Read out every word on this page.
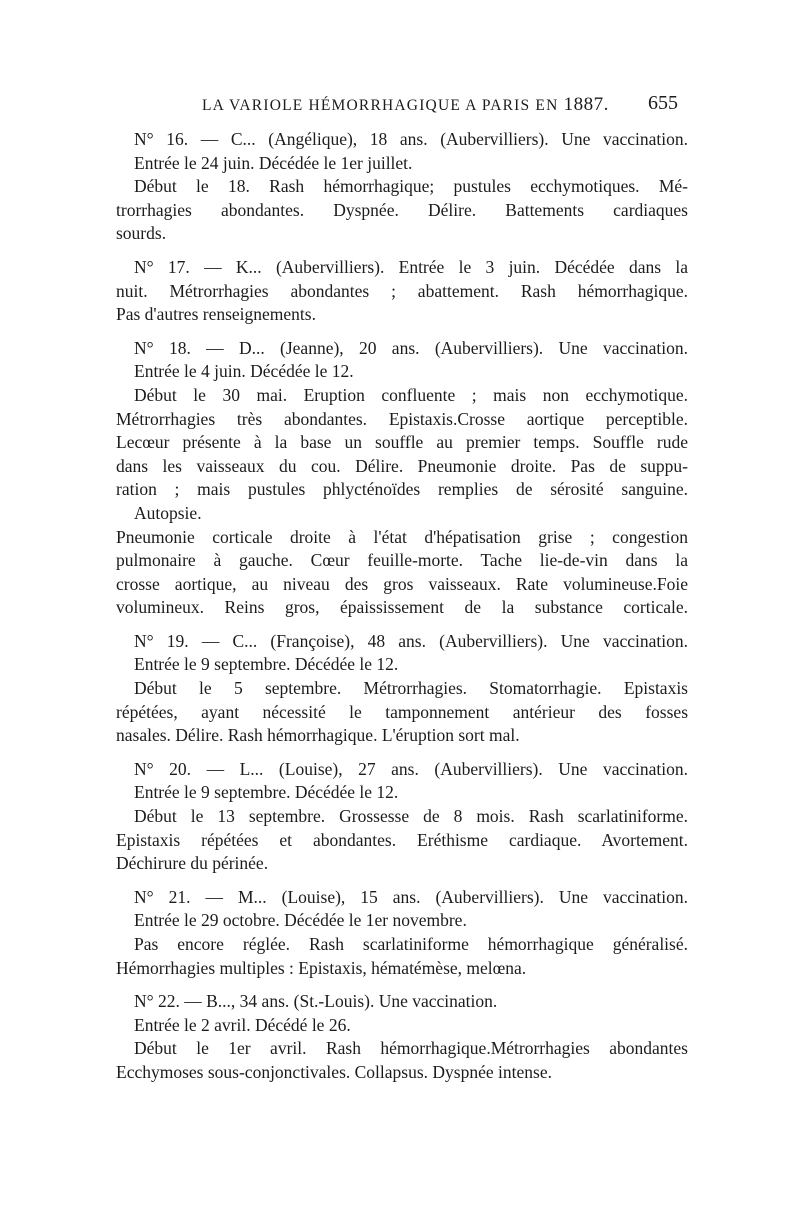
LA VARIOLE HÉMORRHAGIQUE A PARIS EN 1887.	655

N° 16. — C... (Angélique), 18 ans. (Aubervilliers). Une vaccination.

Entrée le 24 juin. Décédée le 1er juillet.

Début le 18. Rash hémorrhagique; pustules ecchymotiques. Mé-

trorrhagies abondantes. Dyspnée. Délire. Battements cardiaques

sourds.

N° 17. — K... (Aubervilliers). Entrée le 3 juin. Décédée dans la

nuit. Métrorrhagies abondantes ; abattement. Rash hémorrhagique.

Pas d'autres renseignements.

N° 18. — D... (Jeanne), 20 ans. (Aubervilliers). Une vaccination.

Entrée le 4 juin. Décédée le 12.

Début le 30 mai. Eruption confluente ; mais non ecchymotique.

Métrorrhagies très abondantes. Epistaxis.Crosse aortique perceptible.

Lecœur présente à la base un souffle au premier temps. Souffle rude

dans les vaisseaux du cou. Délire. Pneumonie droite. Pas de suppu-

ration ; mais pustules phlycténoïdes remplies de sérosité sanguine.

Autopsie.

Pneumonie corticale droite à l'état d'hépatisation grise ; congestion

pulmonaire à gauche. Cœur feuille-morte. Tache lie-de-vin dans la

crosse aortique, au niveau des gros vaisseaux. Rate volumineuse.Foie

volumineux. Reins gros, épaississement de la substance corticale.

N° 19. — C... (Françoise), 48 ans. (Aubervilliers). Une vaccination.

Entrée le 9 septembre. Décédée le 12.

Début le 5 septembre. Métrorrhagies. Stomatorrhagie. Epistaxis

répétées, ayant nécessité le tamponnement antérieur des fosses

nasales. Délire. Rash hémorrhagique. L'éruption sort mal.

N° 20. — L... (Louise), 27 ans. (Aubervilliers). Une vaccination.

Entrée le 9 septembre. Décédée le 12.

Début le 13 septembre. Grossesse de 8 mois. Rash scarlatiniforme.

Epistaxis répétées et abondantes. Eréthisme cardiaque. Avortement.

Déchirure du périnée.

N° 21. — M... (Louise), 15 ans. (Aubervilliers). Une vaccination.

Entrée le 29 octobre. Décédée le 1er novembre.

Pas encore réglée. Rash scarlatiniforme hémorrhagique généralisé.

Hémorrhagies multiples : Epistaxis, hématémèse, melœna.

N° 22. — B..., 34 ans. (St.-Louis). Une vaccination.

Entrée le 2 avril. Décédé le 26.

Début le 1er avril. Rash hémorrhagique.Métrorrhagies abondantes

Ecchymoses sous-conjonctivales. Collapsus. Dyspnée intense.
